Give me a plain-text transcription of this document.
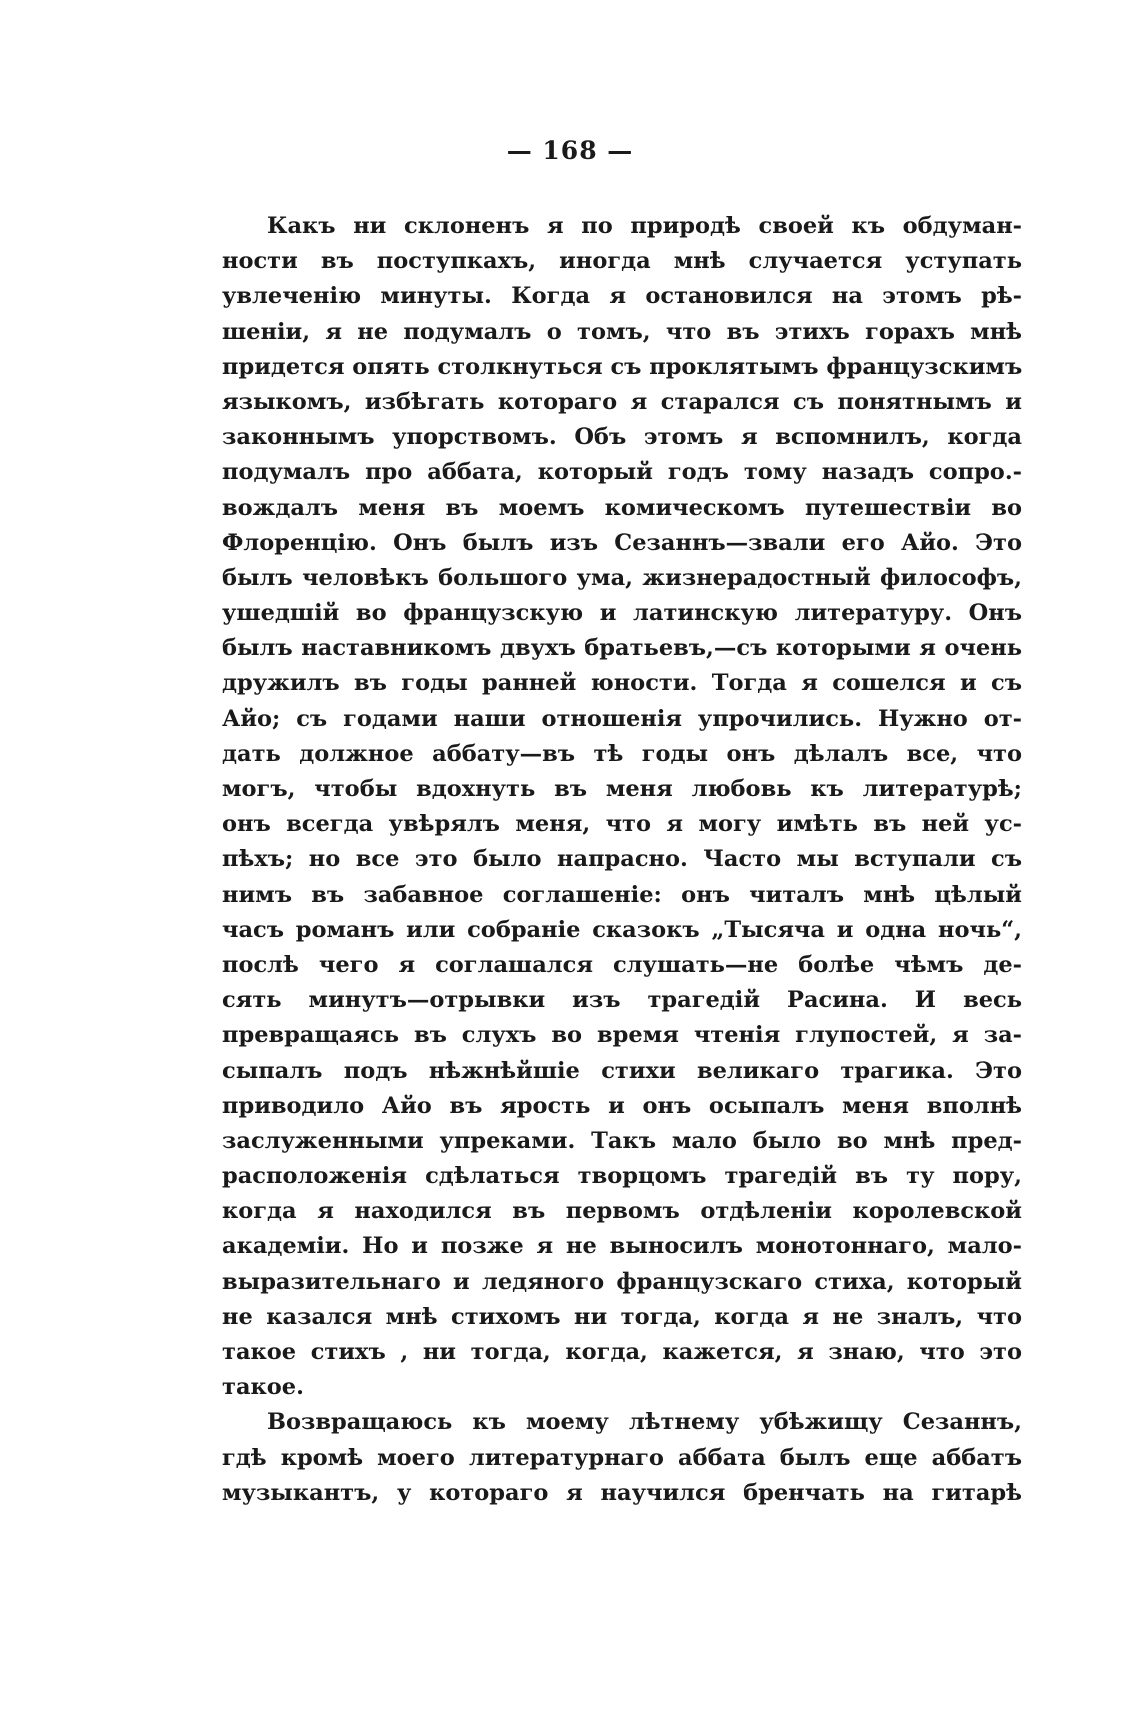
— 168 —
Какъ ни склоненъ я по природѣ своей къ обдуман-
ности въ поступкахъ, иногда мнѣ случается уступать
увлеченію минуты. Когда я остановился на этомъ рѣ-
шеніи, я не подумалъ о томъ, что въ этихъ горахъ мнѣ
придется опять столкнуться съ проклятымъ французскимъ
языкомъ, избѣгать котораго я старался съ понятнымъ и
законнымъ упорствомъ. Объ этомъ я вспомнилъ, когда
подумалъ про аббата, который годъ тому назадъ сопро.-
вождалъ меня въ моемъ комическомъ путешествіи во
Флоренцію. Онъ былъ изъ Сезаннъ—звали его Айо. Это
былъ человѣкъ большого ума, жизнерадостный философъ,
ушедшій во французскую и латинскую литературу. Онъ
былъ наставникомъ двухъ братьевъ,—съ которыми я очень
дружилъ въ годы ранней юности. Тогда я сошелся и съ
Айо; съ годами наши отношенія упрочились. Нужно от-
дать должное аббату—въ тѣ годы онъ дѣлалъ все, что
могъ, чтобы вдохнуть въ меня любовь къ литературѣ;
онъ всегда увѣрялъ меня, что я могу имѣть въ ней ус-
пѣхъ; но все это было напрасно. Часто мы вступали съ
нимъ въ забавное соглашеніе: онъ читалъ мнѣ цѣлый
часъ романъ или собраніе сказокъ „Тысяча и одна ночь“,
послѣ чего я соглашался слушать—не болѣе чѣмъ де-
сять минутъ—отрывки изъ трагедій Расина. И весь
превращаясь въ слухъ во время чтенія глупостей, я за-
сыпалъ подъ нѣжнѣйшіе стихи великаго трагика. Это
приводило Айо въ ярость и онъ осыпалъ меня вполнѣ
заслуженными упреками. Такъ мало было во мнѣ пред-
расположенія сдѣлаться творцомъ трагедій въ ту пору,
когда я находился въ первомъ отдѣленіи королевской
академіи. Но и позже я не выносилъ монотоннаго, мало-
выразительнаго и ледяного французскаго стиха, который
не казался мнѣ стихомъ ни тогда, когда я не зналъ, что
такое стихъ , ни тогда, когда, кажется, я знаю, что это
такое.
Возвращаюсь къ моему лѣтнему убѣжищу Сезаннъ,
гдѣ кромѣ моего литературнаго аббата былъ еще аббатъ
музыкантъ, у котораго я научился бренчать на гитарѣ
